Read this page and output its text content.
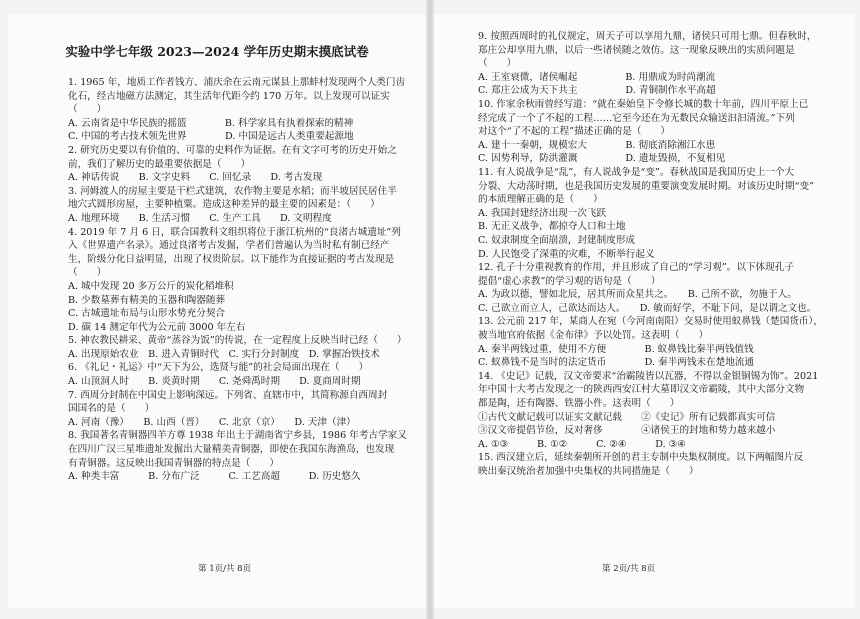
实验中学七年级 2023—2024 学年历史期末摸底试卷

1. 1965 年，地质工作者钱方、浦庆余在云南元谋县上那蚌村发现两个人类门齿

化石，经古地磁方法测定，其生活年代距今约 170 万年。以上发现可以证实

（　　）

A. 云南省是中华民族的摇篮　　　　B. 科学家具有执着探索的精神

C. 中国的考古技术领先世界　　　　D. 中国是远古人类重要起源地

2. 研究历史要以有价值的、可靠的史料作为证据。在有文字可考的历史开始之

前，我们了解历史的最重要依据是（　　）

A. 神话传说　　B. 文字史料　　C. 回忆录　　D. 考古发现

3. 河姆渡人的房屋主要是干栏式建筑，农作物主要是水稻；而半坡居民居住半

地穴式圆形房屋，主要种植粟。造成这种差异的最主要的因素是：（　　）

A. 地理环境　　B. 生活习惯　　C. 生产工具　　D. 文明程度

4. 2019 年 7 月 6 日，联合国教科文组织将位于浙江杭州的“良渚古城遗址”列

入《世界遗产名录》。通过良渚考古发掘，学者们普遍认为当时私有制已经产

生，阶级分化日益明显，出现了权贵阶层。以下能作为直接证据的考古发现是

（　　）

A. 城中发现 20 多万公斤的炭化稻堆积

B. 少数墓葬有精美的玉器和陶器随葬

C. 古城遗址布局与山形水势充分契合

D. 碳 14 测定年代为公元前 3000 年左右

5. 神农教民耕采、黄帝“蒸谷为饭”的传说，在一定程度上反映当时已经（　　）

A. 出现原始农业　B. 进入青铜时代　C. 实行分封制度　D. 掌握冶铁技术

6. 《礼记・礼运》中“天下为公，选贤与能”的社会局面出现在（　　）

A. 山顶洞人时　　B. 炎黄时期　　C. 尧舜禹时期　　D. 夏商周时期

7. 西周分封制在中国史上影响深远。下列省、直辖市中，其简称源自西周封

国国名的是（　　）

A. 河南（豫）　　B. 山西（晋）　　C. 北京（京）　　D. 天津（津）

8. 我国著名青铜器四羊方尊 1938 年出土于湖南省宁乡县，1986 年考古学家又

在四川广汉三星堆遗址发掘出大量精美青铜器，即使在我国东海渔岛，也发现

有青铜器。这反映出我国青铜器的特点是（　　）

A. 种类丰富　　　B. 分布广泛　　　C. 工艺高超　　　D. 历史悠久

9. 按照西周时的礼仪规定，周天子可以享用九鼎，诸侯只可用七鼎。但春秋时，

郑庄公却享用九鼎，以后一些诸侯随之效仿。这一现象反映出的实质问题是

（　　）

A. 王室衰微，诸侯崛起　　　　　B. 用鼎成为时尚潮流

C. 郑庄公成为天下共主　　　　　D. 青铜制作水平高超

10. 作家余秋雨曾经写道：“就在秦始皇下令修长城的数十年前，四川平原上已

经完成了一个了不起的工程……它至今还在为无数民众输送汩汩清流。”下列

对这个“了不起的工程”描述正确的是（　　）

A. 建十一秦朝，规模宏大　　　　B. 彻底消除湘江水患

C. 因势利导，防洪灌溉　　　　　D. 遗址毁损，不复相见

11. 有人说战争是“乱”，有人说战争是“变”。春秋战国是我国历史上一个大

分裂、大动荡时期，也是我国历史发展的重要演变发展时期。对该历史时期“变”

的本质理解正确的是（　　）

A. 我国封建经济出现一次飞跃

B. 无正义战争，都掠夺人口和土地

C. 奴隶制度全面崩溃，封建制度形成

D. 人民饱受了深重的灾难，不断举行起义

12. 孔子十分重视教育的作用，并且形成了自己的“学习观”。以下体现孔子

提倡“虚心求教”的学习观的语句是（　　）

A. 为政以德，譬如北辰，居其所而众星共之。　　B. 己所不欲，勿施于人。

C. 己欲立而立人，己欲达而达人。　　D. 敏而好学，不耻下问，是以谓之文也。

13. 公元前 217 年，某商人在宛（今河南南阳）交易时使用蚁鼻钱（楚国货币），

被当地官府依据《金布律》予以处罚。这表明（　　）

A. 秦半两钱过重，使用不方便　　　　B. 蚁鼻钱比秦半两钱值钱

C. 蚁鼻钱不是当时的法定货币　　　　D. 秦半两钱未在楚地流通

14. 《史记》记载，汉文帝要求“治霸陵皆以瓦器，不得以金银铜锡为饰”。2021

年中国十大考古发现之一的陕西西安江村大墓即汉文帝霸陵，其中大部分文物

都是陶，还有陶器、铁器小件。这表明（　　）

①古代文献记载可以证实文献记载　　②《史记》所有记载都真实可信

③汉文帝提倡节俭，反对奢侈　　　　④诸侯王的封地和势力越来越小

A. ①③　　　B. ①②　　　C. ②④　　　D. ③④

15. 西汉建立后，延续秦朝所开创的君主专制中央集权制度。以下两幅图片反

映出秦汉统治者加强中央集权的共同措施是（　　）

第 1页/共 8页	第 2页/共 8页
